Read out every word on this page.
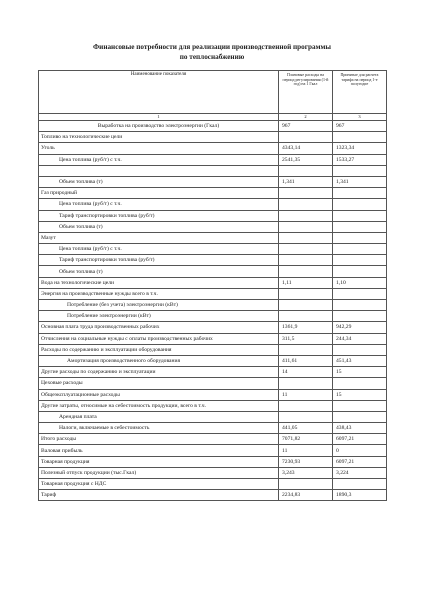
Финансовые потребности для реализации производственной программы
по теплоснабжению
Наименование показателя	Плановые расходы на период регулирования (1-й год) на 1 Гкал	Принятые для расчета тарифа на период 1-е полугодие
1	2	3
Выработка на производство электроэнергии (Гкал)	967	967
Топливо на технологические цели		
Уголь	4343,14	1323,34
Цена топлива (руб/т) с т.ч.	2541,35	1533,27

Объем топлива (т)	1,341	1,341
Газ природный		
Цена топлива (руб/т) с т.ч.		
Тариф транспортировки топлива (руб/т)		
Объем топлива (т)		
Мазут		
Цена топлива (руб/т) с т.ч.		
Тариф транспортировки топлива (руб/т)		
Объем топлива (т)		
Вода на технологические цели	1,11	1,10
Энергия на производственные нужды всего в т.ч.		
Потребление (без учета) электроэнергии (кВт)		
Потребление электроэнергии (кВт)		
Основная плата труда производственных рабочих	1361,9	942,29
Отчисления на социальные нужды с оплаты производственных рабочих	311,5	244,34
Расходы по содержанию и эксплуатации оборудования		
Амортизация производственного оборудования	411,61	451,43
Другие расходы по содержанию и эксплуатации	14	15
Цеховые расходы		
Общеэксплуатационные расходы	11	15
Другие затраты, относимые на себестоимость продукции, всего в т.ч.		
Арендная плата		
Налоги, включаемые в себестоимость	441,05	438,43
Итого расходы	7071,82	6097,21
Валовая прибыль	11	0
Товарная продукция	7230,93	6097,21
Полезный отпуск продукции (тыс.Гкал)	3,243	3,224
Товарная продукция с НДС		
Тариф	2234,83	1890,3
